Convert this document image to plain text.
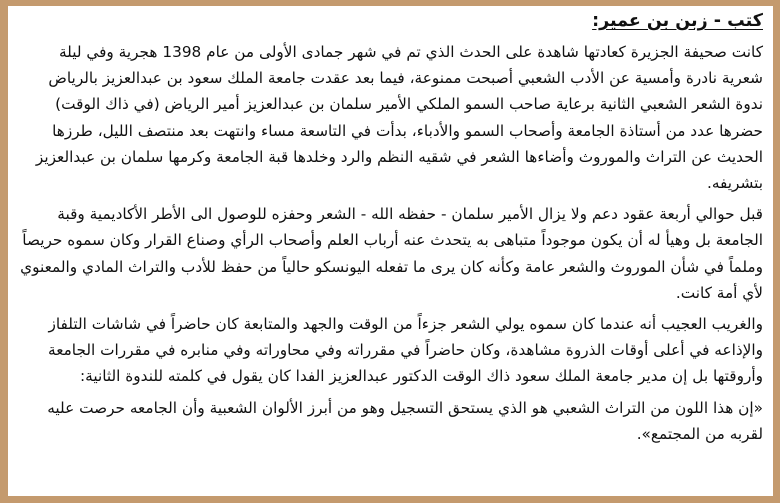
كتب - زبن بن عمير:

كانت صحيفة الجزيرة كعادتها شاهدة على الحدث الذي تم في شهر جمادى الأولى من عام 1398 هجرية وفي ليلة شعرية نادرة وأمسية عن الأدب الشعبي أصبحت ممنوعة، فيما بعد عقدت جامعة الملك سعود بن عبدالعزيز بالرياض ندوة الشعر الشعبي الثانية برعاية صاحب السمو الملكي الأمير سلمان بن عبدالعزيز أمير الرياض (في ذاك الوقت) حضرها عدد من أستاذة الجامعة وأصحاب السمو والأدباء، بدأت في التاسعة مساء وانتهت بعد منتصف الليل، طرزها الحديث عن التراث والموروث وأضاءها الشعر في شقيه النظم والرد وخلدها قبة الجامعة وكرمها سلمان بن عبدالعزيز بتشريفه.

قبل حوالي أربعة عقود دعم ولا يزال الأمير سلمان - حفظه الله - الشعر وحفزه للوصول الى الأطر الأكاديمية وقبة الجامعة بل وهيأ له أن يكون موجوداً متباهى به يتحدث عنه أرباب العلم وأصحاب الرأي وصناع القرار وكان سموه حريصاً وملماً في شأن الموروث والشعر عامة وكأنه كان يرى ما تفعله اليونسكو حالياً من حفظ للأدب والتراث المادي والمعنوي لأي أمة كانت.

والغريب العجيب أنه عندما كان سموه يولي الشعر جزءاً من الوقت والجهد والمتابعة كان حاضراً في شاشات التلفاز والإذاعه في أعلى أوقات الذروة مشاهدة، وكان حاضراً في مقرراته وفي محاوراته وفي منابره في مقررات الجامعة وأروقتها بل إن مدير جامعة الملك سعود ذاك الوقت الدكتور عبدالعزيز الفدا كان يقول في كلمته للندوة الثانية:

«إن هذا اللون من التراث الشعبي هو الذي يستحق التسجيل وهو من أبرز الألوان الشعبية وأن الجامعه حرصت عليه لقربه من المجتمع».
